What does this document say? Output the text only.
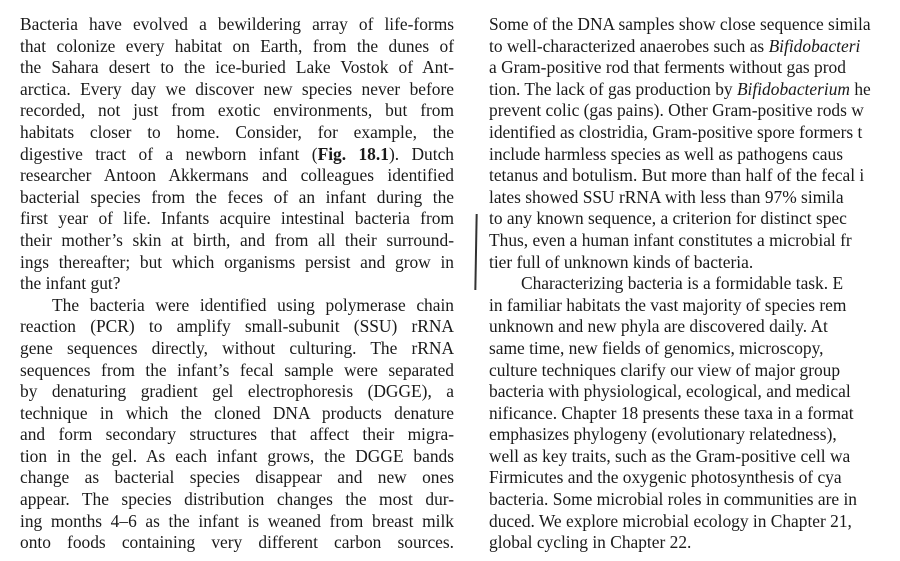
Bacteria have evolved a bewildering array of life-forms
that colonize every habitat on Earth, from the dunes of
the Sahara desert to the ice-buried Lake Vostok of Ant-
arctica. Every day we discover new species never before
recorded, not just from exotic environments, but from
habitats closer to home. Consider, for example, the
digestive tract of a newborn infant (Fig. 18.1). Dutch
researcher Antoon Akkermans and colleagues identified
bacterial species from the feces of an infant during the
first year of life. Infants acquire intestinal bacteria from
their mother’s skin at birth, and from all their surround-
ings thereafter; but which organisms persist and grow in
the infant gut?
The bacteria were identified using polymerase chain
reaction (PCR) to amplify small-subunit (SSU) rRNA
gene sequences directly, without culturing. The rRNA
sequences from the infant’s fecal sample were separated
by denaturing gradient gel electrophoresis (DGGE), a
technique in which the cloned DNA products denature
and form secondary structures that affect their migra-
tion in the gel. As each infant grows, the DGGE bands
change as bacterial species disappear and new ones
appear. The species distribution changes the most dur-
ing months 4–6 as the infant is weaned from breast milk
onto foods containing very different carbon sources.
Some of the DNA samples show close sequence simila
to well-characterized anaerobes such as Bifidobacteri
a Gram-positive rod that ferments without gas prod
tion. The lack of gas production by Bifidobacterium he
prevent colic (gas pains). Other Gram-positive rods w
identified as clostridia, Gram-positive spore formers t
include harmless species as well as pathogens caus
tetanus and botulism. But more than half of the fecal i
lates showed SSU rRNA with less than 97% simila
to any known sequence, a criterion for distinct spec
Thus, even a human infant constitutes a microbial fr
tier full of unknown kinds of bacteria.
Characterizing bacteria is a formidable task. E
in familiar habitats the vast majority of species rem
unknown and new phyla are discovered daily. At
same time, new fields of genomics, microscopy,
culture techniques clarify our view of major group
bacteria with physiological, ecological, and medical
nificance. Chapter 18 presents these taxa in a format
emphasizes phylogeny (evolutionary relatedness),
well as key traits, such as the Gram-positive cell wa
Firmicutes and the oxygenic photosynthesis of cya
bacteria. Some microbial roles in communities are in
duced. We explore microbial ecology in Chapter 21,
global cycling in Chapter 22.
